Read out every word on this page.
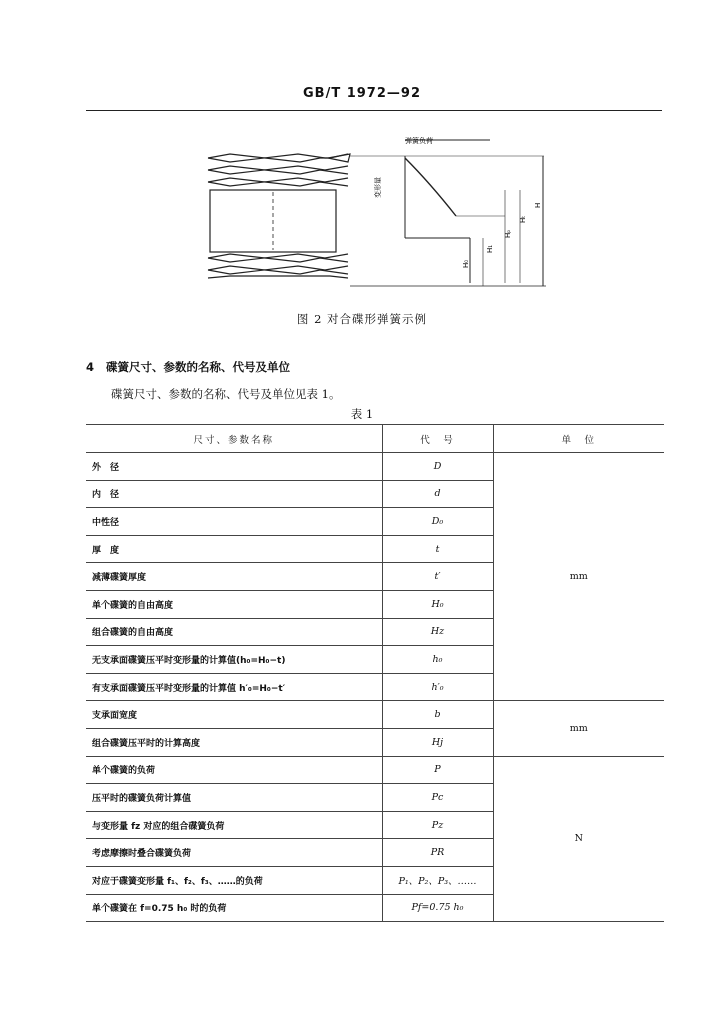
GB/T 1972—92
弹簧负荷
变形量
H₀
H₁
Hₚ
Hₜ
H
图 2 对合碟形弹簧示例
4 碟簧尺寸、参数的名称、代号及单位
碟簧尺寸、参数的名称、代号及单位见表 1。
表 1
尺寸、参数名称	代　号	单　位
外　径	D	mm
内　径	d	
中性径	D₀	
厚　度	t	
减薄碟簧厚度	t′	
单个碟簧的自由高度	H₀	
组合碟簧的自由高度	Hz	
无支承面碟簧压平时变形量的计算值(h₀=H₀−t)	h₀	
有支承面碟簧压平时变形量的计算值 h′₀=H₀−t′	h′₀	
支承面宽度	b	mm
组合碟簧压平时的计算高度	Hj	
单个碟簧的负荷	P	N
压平时的碟簧负荷计算值	Pc	
与变形量 fz 对应的组合碟簧负荷	Pz	
考虑摩擦时叠合碟簧负荷	PR	
对应于碟簧变形量 f₁、f₂、f₃、……的负荷	P₁、P₂、P₃、……	
单个碟簧在 f=0.75 h₀ 时的负荷	Pf=0.75 h₀	
